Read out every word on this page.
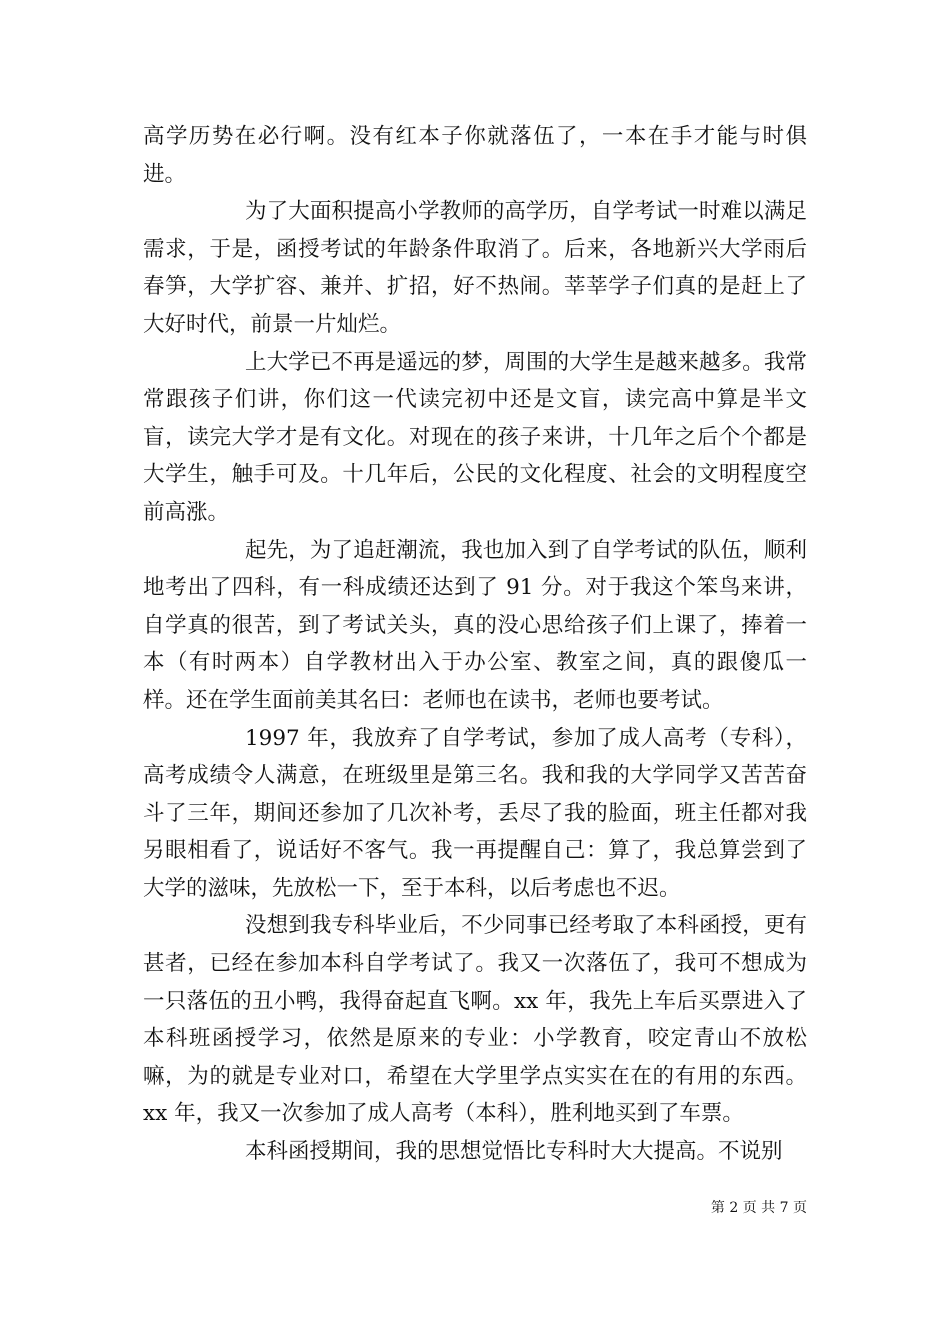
高学历势在必行啊。没有红本子你就落伍了，一本在手才能与时俱进。

为了大面积提高小学教师的高学历，自学考试一时难以满足需求，于是，函授考试的年龄条件取消了。后来，各地新兴大学雨后春笋，大学扩容、兼并、扩招，好不热闹。莘莘学子们真的是赶上了大好时代，前景一片灿烂。

上大学已不再是遥远的梦，周围的大学生是越来越多。我常常跟孩子们讲，你们这一代读完初中还是文盲，读完高中算是半文盲，读完大学才是有文化。对现在的孩子来讲，十几年之后个个都是大学生，触手可及。十几年后，公民的文化程度、社会的文明程度空前高涨。

起先，为了追赶潮流，我也加入到了自学考试的队伍，顺利地考出了四科，有一科成绩还达到了 91 分。对于我这个笨鸟来讲，自学真的很苦，到了考试关头，真的没心思给孩子们上课了，捧着一本（有时两本）自学教材出入于办公室、教室之间，真的跟傻瓜一样。还在学生面前美其名曰：老师也在读书，老师也要考试。

1997 年，我放弃了自学考试，参加了成人高考（专科），高考成绩令人满意，在班级里是第三名。我和我的大学同学又苦苦奋斗了三年，期间还参加了几次补考，丢尽了我的脸面，班主任都对我另眼相看了，说话好不客气。我一再提醒自己：算了，我总算尝到了大学的滋味，先放松一下，至于本科，以后考虑也不迟。

没想到我专科毕业后，不少同事已经考取了本科函授，更有甚者，已经在参加本科自学考试了。我又一次落伍了，我可不想成为一只落伍的丑小鸭，我得奋起直飞啊。xx 年，我先上车后买票进入了本科班函授学习，依然是原来的专业：小学教育，咬定青山不放松嘛，为的就是专业对口，希望在大学里学点实实在在的有用的东西。xx 年，我又一次参加了成人高考（本科），胜利地买到了车票。

本科函授期间，我的思想觉悟比专科时大大提高。不说别

第 2 页 共 7 页
